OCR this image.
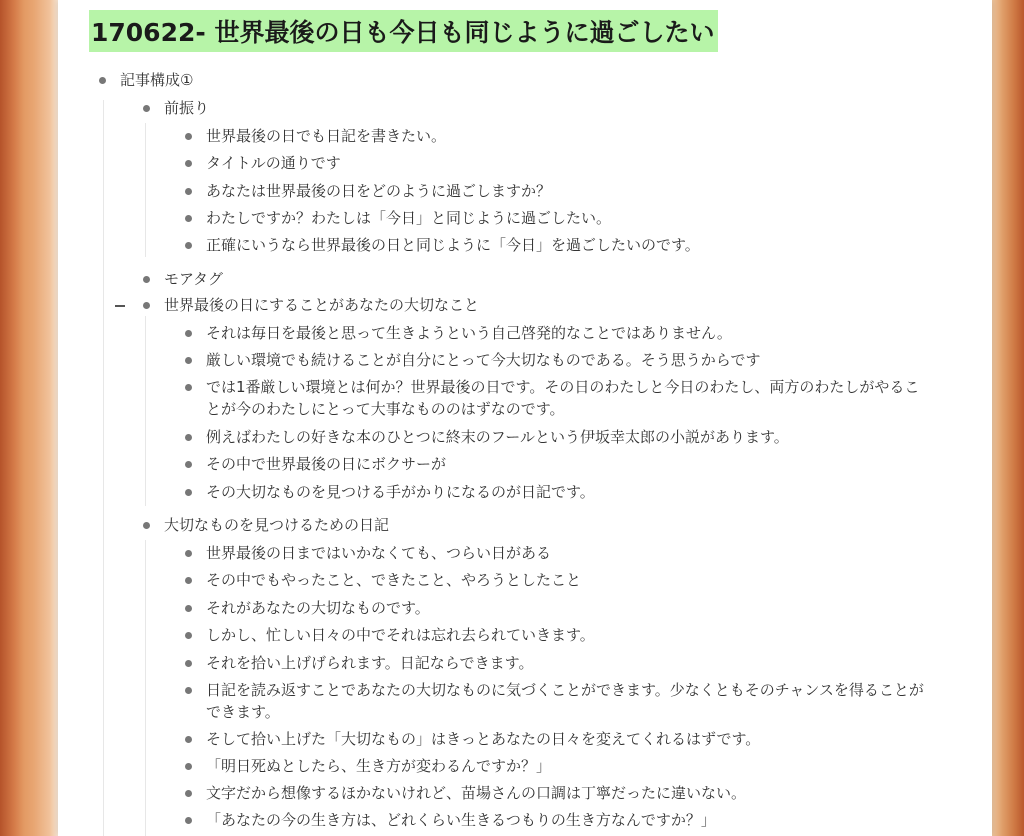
170622- 世界最後の日も今日も同じように過ごしたい
記事構成①
前振り
世界最後の日でも日記を書きたい。
タイトルの通りです
あなたは世界最後の日をどのように過ごしますか？
わたしですか？わたしは「今日」と同じように過ごしたい。
正確にいうなら世界最後の日と同じように「今日」を過ごしたいのです。
モアタグ
世界最後の日にすることがあなたの大切なこと
それは毎日を最後と思って生きようという自己啓発的なことではありません。
厳しい環境でも続けることが自分にとって今大切なものである。そう思うからです
では1番厳しい環境とは何か？世界最後の日です。その日のわたしと今日のわたし、両方のわたしがやることが今のわたしにとって大事なもののはずなのです。
例えばわたしの好きな本のひとつに終末のフールという伊坂幸太郎の小説があります。
その中で世界最後の日にボクサーが
その大切なものを見つける手がかりになるのが日記です。
大切なものを見つけるための日記
世界最後の日まではいかなくても、つらい日がある
その中でもやったこと、できたこと、やろうとしたこと
それがあなたの大切なものです。
しかし、忙しい日々の中でそれは忘れ去られていきます。
それを拾い上げげられます。日記ならできます。
日記を読み返すことであなたの大切なものに気づくことができます。少なくともそのチャンスを得ることができます。
そして拾い上げた「大切なもの」はきっとあなたの日々を変えてくれるはずです。
「明日死ぬとしたら、生き方が変わるんですか？」
文字だから想像するほかないけれど、苗場さんの口調は丁寧だったに違いない。
「あなたの今の生き方は、どれくらい生きるつもりの生き方なんですか？」
